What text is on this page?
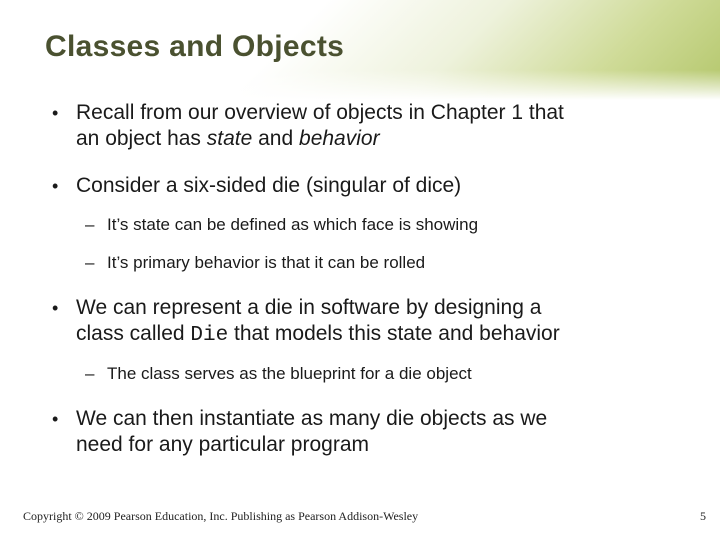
Classes and Objects
• Recall from our overview of objects in Chapter 1 that
an object has state and behavior
• Consider a six-sided die (singular of dice)
– It’s state can be defined as which face is showing
– It’s primary behavior is that it can be rolled
• We can represent a die in software by designing a
class called Die that models this state and behavior
– The class serves as the blueprint for a die object
• We can then instantiate as many die objects as we
need for any particular program
Copyright © 2009 Pearson Education, Inc. Publishing as Pearson Addison-Wesley	5
